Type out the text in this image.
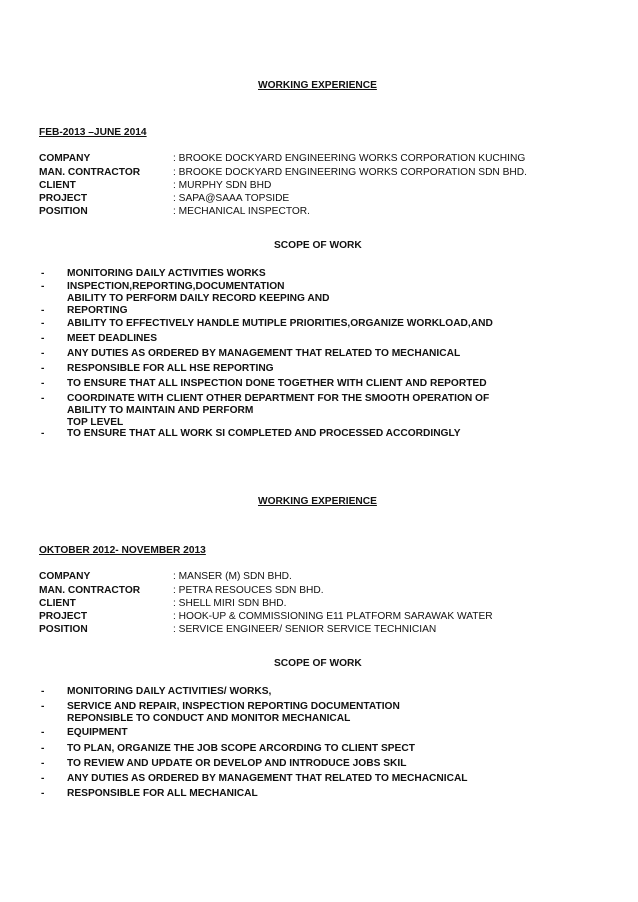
WORKING EXPERIENCE
FEB-2013 –JUNE 2014
COMPANY	: BROOKE DOCKYARD ENGINEERING WORKS CORPORATION KUCHING
MAN. CONTRACTOR	: BROOKE DOCKYARD ENGINEERING WORKS CORPORATION SDN BHD.
CLIENT	: MURPHY SDN BHD
PROJECT	: SAPA@SAAA TOPSIDE
POSITION	: MECHANICAL INSPECTOR.
SCOPE OF WORK
- MONITORING DAILY ACTIVITIES WORKS
- INSPECTION,REPORTING,DOCUMENTATION
ABILITY TO PERFORM DAILY RECORD KEEPING AND
- REPORTING
- ABILITY TO EFFECTIVELY HANDLE MUTIPLE PRIORITIES,ORGANIZE WORKLOAD,AND
- MEET DEADLINES
- ANY DUTIES AS ORDERED BY MANAGEMENT THAT RELATED TO MECHANICAL
- RESPONSIBLE FOR ALL HSE REPORTING
- TO ENSURE THAT ALL INSPECTION DONE TOGETHER WITH CLIENT AND REPORTED
- COORDINATE WITH CLIENT OTHER DEPARTMENT FOR THE SMOOTH OPERATION OF
ABILITY TO MAINTAIN AND PERFORM
TOP LEVEL
- TO ENSURE THAT ALL WORK SI COMPLETED AND PROCESSED ACCORDINGLY
WORKING EXPERIENCE
OKTOBER 2012- NOVEMBER 2013
COMPANY	: MANSER (M) SDN BHD.
MAN. CONTRACTOR	: PETRA RESOUCES SDN BHD.
CLIENT	: SHELL MIRI SDN BHD.
PROJECT	: HOOK-UP & COMMISSIONING E11 PLATFORM SARAWAK WATER
POSITION	: SERVICE ENGINEER/ SENIOR SERVICE TECHNICIAN
SCOPE OF WORK
- MONITORING DAILY ACTIVITIES/ WORKS,
- SERVICE AND REPAIR, INSPECTION REPORTING DOCUMENTATION
REPONSIBLE TO CONDUCT AND MONITOR MECHANICAL
- EQUIPMENT
- TO PLAN, ORGANIZE THE JOB SCOPE ARCORDING TO CLIENT SPECT
- TO REVIEW AND UPDATE OR DEVELOP AND INTRODUCE JOBS SKIL
- ANY DUTIES AS ORDERED BY MANAGEMENT THAT RELATED TO MECHACNICAL
- RESPONSIBLE FOR ALL MECHANICAL
